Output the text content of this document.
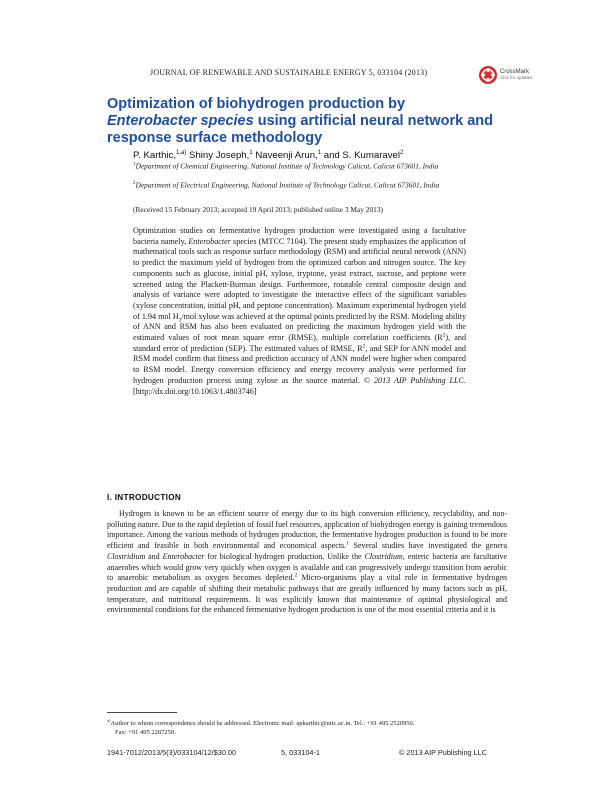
JOURNAL OF RENEWABLE AND SUSTAINABLE ENERGY 5, 033104 (2013)	CrossMark
click for updates
Optimization of biohydrogen production by
Enterobacter species using artificial neural network and response surface methodology
P. Karthic,$^{1,a)}$ Shiny Joseph,$^1$ Naveenji Arun,$^1$ and S. Kumaravel$^2$
$^1$Department of Chemical Engineering, National Institute of Technology Calicut, Calicut 673601, India
$^2$Department of Electrical Engineering, National Institute of Technology Calicut, Calicut 673601, India
(Received 15 February 2013; accepted 19 April 2013; published online 3 May 2013)
Optimization studies on fermentative hydrogen production were investigated using a facultative bacteria namely, Enterobacter species (MTCC 7104). The present study emphasizes the application of mathematical tools such as response surface methodology (RSM) and artificial neural network (ANN) to predict the maximum yield of hydrogen from the optimized carbon and nitrogen source. The key components such as glucose, initial pH, xylose, tryptone, yeast extract, sucrose, and peptone were screened using the Plackett-Burman design. Furthermore, rotatable central composite design and analysis of variance were adopted to investigate the interactive effect of the significant variables (xylose concentration, initial pH, and peptone concentration). Maximum experimental hydrogen yield of 1.94 mol $H_2$/mol xylose was achieved at the optimal points predicted by the RSM. Modeling ability of ANN and RSM has also been evaluated on predicting the maximum hydrogen yield with the estimated values of root mean square error (RMSE), multiple correlation coefficients $(R^2)$, and standard error of prediction (SEP). The estimated values of RMSE, $R^2$, and SEP for ANN model and RSM model confirm that fitness and prediction accuracy of ANN model were higher when compared to RSM model. Energy conversion efficiency and energy recovery analysis were performed for hydrogen production process using xylose as the source material. © 2013 AIP Publishing LLC. [http://dx.doi.org/10.1063/1.4803746]
I. INTRODUCTION
Hydrogen is known to be an efficient source of energy due to its high conversion efficiency, recyclability, and non-polluting nature. Due to the rapid depletion of fossil fuel resources, application of biohydrogen energy is gaining tremendous importance. Among the various methods of hydrogen production, the fermentative hydrogen production is found to be more efficient and feasible in both environmental and economical aspects.$^1$ Several studies have investigated the genera Clostridium and Enterobacter for biological hydrogen production. Unlike the Clostridium, enteric bacteria are facultative anaerobes which would grow very quickly when oxygen is available and can progressively undergo transition from aerobic to anaerobic metabolism as oxygen becomes depleted.$^2$ Micro-organisms play a vital role in fermentative hydrogen production and are capable of shifting their metabolic pathways that are greatly influenced by many factors such as pH, temperature, and nutritional requirements. It was explicitly known that maintenance of optimal physiological and environmental conditions for the enhanced fermentative hydrogen production is one of the most essential criteria and it is
$^{a)}$Author to whom correspondence should be addressed. Electronic mail: apkarthic@nitc.ac.in. Tel.: +91 495 2520950.
Fax: +91 495 2287250.
1941-7012/2013/5(3)/033104/12/$30.00	5, 033104-1	© 2013 AIP Publishing LLC
